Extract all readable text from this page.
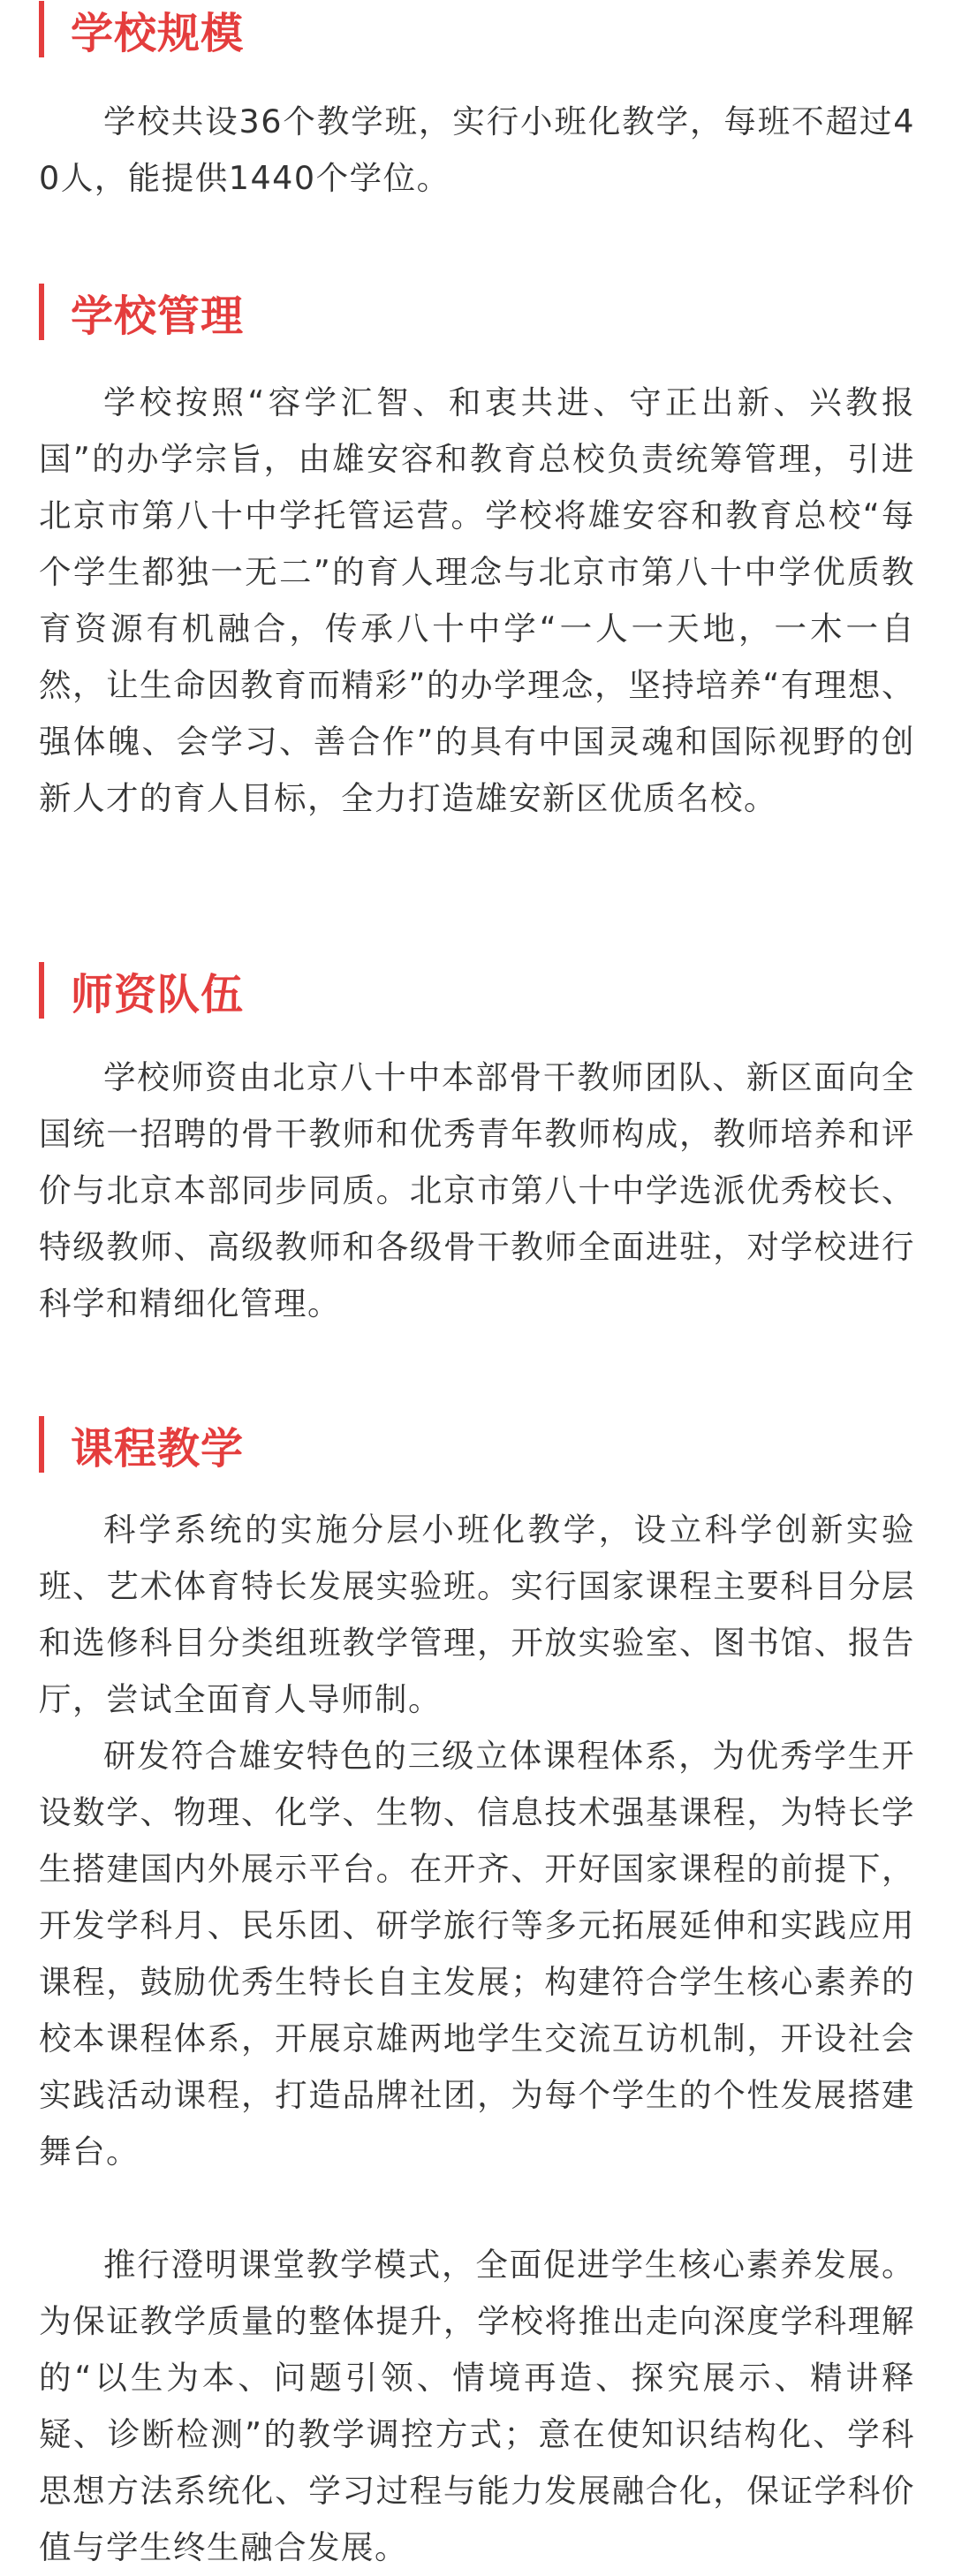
学校规模

学校共设36个教学班，实行小班化教学，每班不超过40人，能提供1440个学位。

学校管理

学校按照“容学汇智、和衷共进、守正出新、兴教报国”的办学宗旨，由雄安容和教育总校负责统筹管理，引进北京市第八十中学托管运营。学校将雄安容和教育总校“每个学生都独一无二”的育人理念与北京市第八十中学优质教育资源有机融合，传承八十中学“一人一天地，一木一自然，让生命因教育而精彩”的办学理念，坚持培养“有理想、强体魄、会学习、善合作”的具有中国灵魂和国际视野的创新人才的育人目标，全力打造雄安新区优质名校。

师资队伍

学校师资由北京八十中本部骨干教师团队、新区面向全国统一招聘的骨干教师和优秀青年教师构成，教师培养和评价与北京本部同步同质。北京市第八十中学选派优秀校长、特级教师、高级教师和各级骨干教师全面进驻，对学校进行科学和精细化管理。

课程教学

科学系统的实施分层小班化教学，设立科学创新实验班、艺术体育特长发展实验班。实行国家课程主要科目分层和选修科目分类组班教学管理，开放实验室、图书馆、报告厅，尝试全面育人导师制。

研发符合雄安特色的三级立体课程体系，为优秀学生开设数学、物理、化学、生物、信息技术强基课程，为特长学生搭建国内外展示平台。在开齐、开好国家课程的前提下，开发学科月、民乐团、研学旅行等多元拓展延伸和实践应用课程，鼓励优秀生特长自主发展；构建符合学生核心素养的校本课程体系，开展京雄两地学生交流互访机制，开设社会实践活动课程，打造品牌社团，为每个学生的个性发展搭建舞台。

推行澄明课堂教学模式，全面促进学生核心素养发展。为保证教学质量的整体提升，学校将推出走向深度学科理解的“以生为本、问题引领、情境再造、探究展示、精讲释疑、诊断检测”的教学调控方式；意在使知识结构化、学科思想方法系统化、学习过程与能力发展融合化，保证学科价值与学生终生融合发展。
